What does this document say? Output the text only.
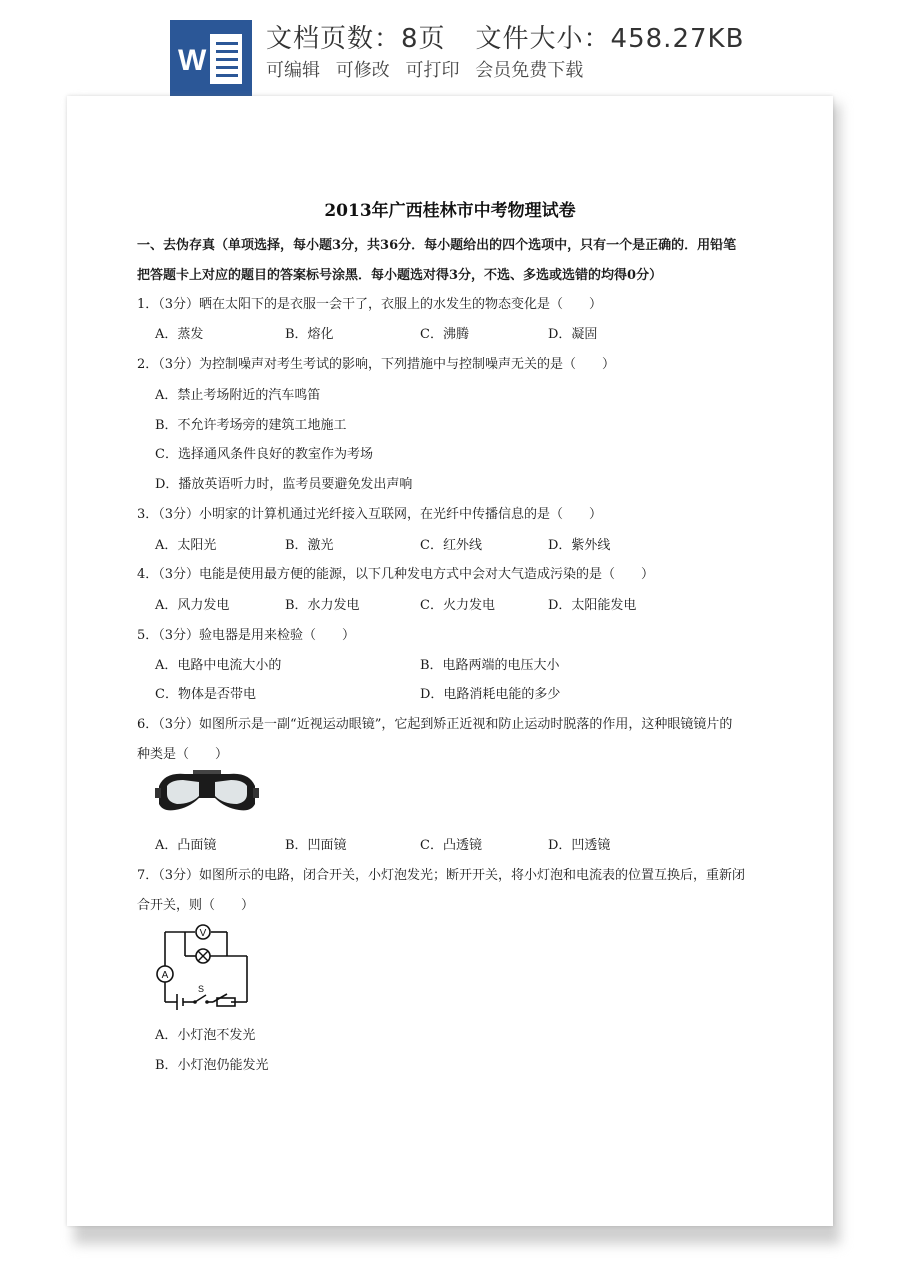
W
文档页数：8页 文件大小：458.27KB
可编辑 可修改 可打印 会员免费下载
2013年广西桂林市中考物理试卷
一、去伪存真（单项选择，每小题3分，共36分．每小题给出的四个选项中，只有一个是正确的．用铅笔
把答题卡上对应的题目的答案标号涂黑．每小题选对得3分，不选、多选或选错的均得0分）
1．（3分）晒在太阳下的是衣服一会干了，衣服上的水发生的物态变化是（　　）
A．蒸发	B．熔化	C．沸腾	D．凝固
2．（3分）为控制噪声对考生考试的影响，下列措施中与控制噪声无关的是（　　）
A．禁止考场附近的汽车鸣笛
B．不允许考场旁的建筑工地施工
C．选择通风条件良好的教室作为考场
D．播放英语听力时，监考员要避免发出声响
3．（3分）小明家的计算机通过光纤接入互联网，在光纤中传播信息的是（　　）
A．太阳光	B．激光	C．红外线	D．紫外线
4．（3分）电能是使用最方便的能源，以下几种发电方式中会对大气造成污染的是（　　）
A．风力发电	B．水力发电	C．火力发电	D．太阳能发电
5．（3分）验电器是用来检验（　　）
A．电路中电流大小的	B．电路两端的电压大小
C．物体是否带电	D．电路消耗电能的多少
6．（3分）如图所示是一副“近视运动眼镜”，它起到矫正近视和防止运动时脱落的作用，这种眼镜镜片的
种类是（　　）
A．凸面镜	B．凹面镜	C．凸透镜	D．凹透镜
7．（3分）如图所示的电路，闭合开关，小灯泡发光；断开开关，将小灯泡和电流表的位置互换后，重新闭
合开关，则（　　）
V
A
S
A．小灯泡不发光
B．小灯泡仍能发光
